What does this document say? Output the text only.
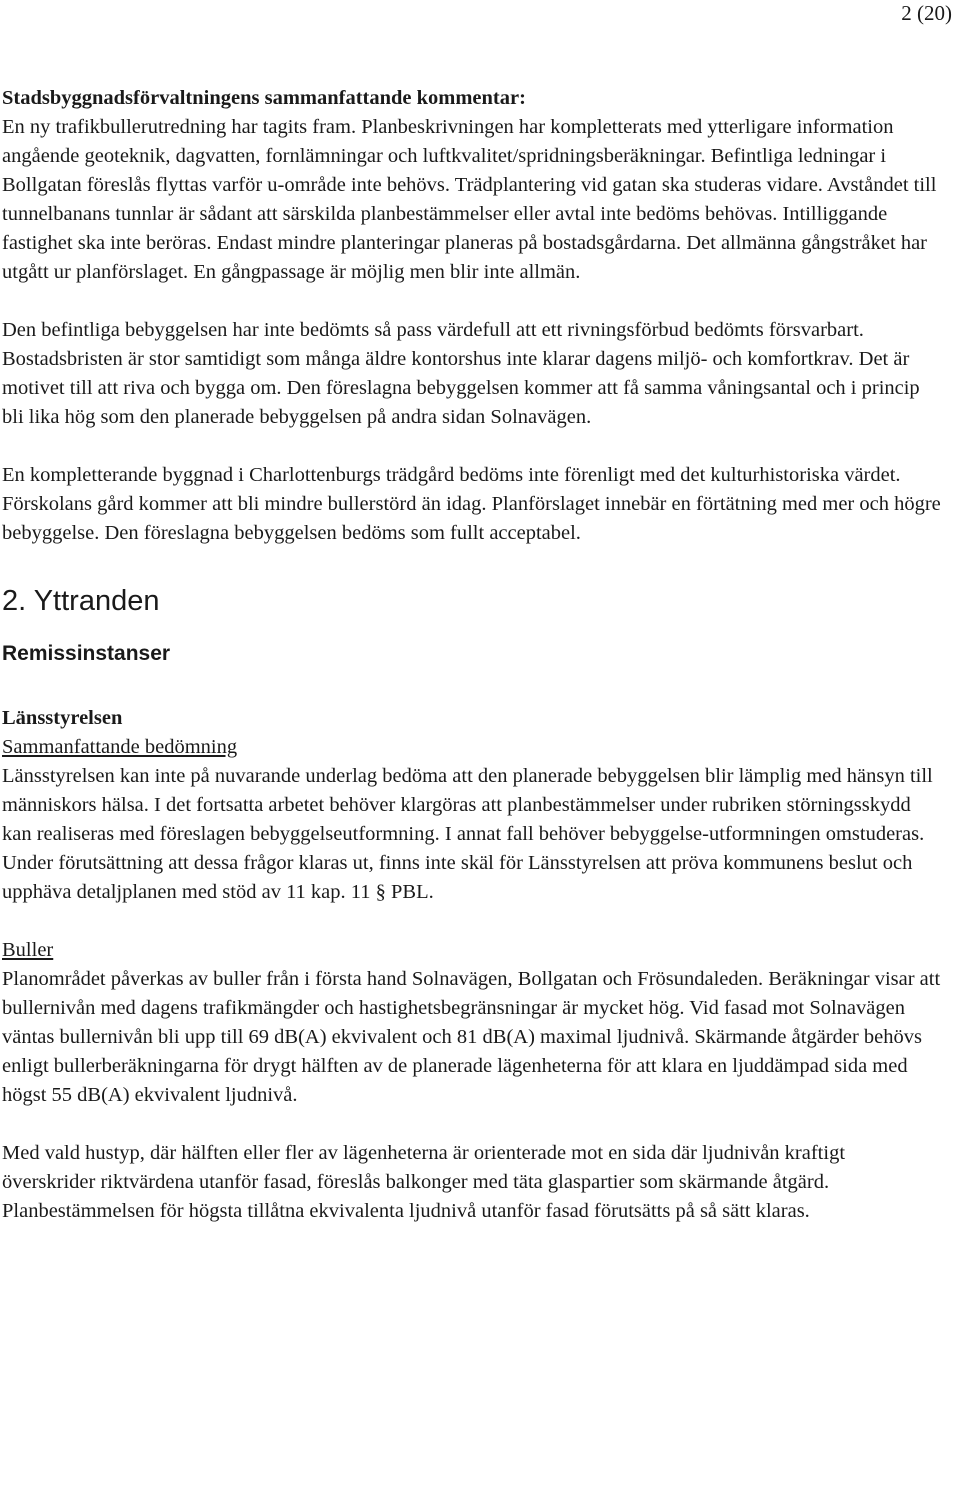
2 (20)

Stadsbyggnadsförvaltningens sammanfattande kommentar:

En ny trafikbullerutredning har tagits fram. Planbeskrivningen har kompletterats med ytterligare information angående geoteknik, dagvatten, fornlämningar och luftkvalitet/spridningsberäkningar. Befintliga ledningar i Bollgatan föreslås flyttas varför u-område inte behövs. Trädplantering vid gatan ska studeras vidare. Avståndet till tunnelbanans tunnlar är sådant att särskilda planbestämmelser eller avtal inte bedöms behövas. Intilliggande fastighet ska inte beröras. Endast mindre planteringar planeras på bostadsgårdarna. Det allmänna gångstråket har utgått ur planförslaget. En gångpassage är möjlig men blir inte allmän.

Den befintliga bebyggelsen har inte bedömts så pass värdefull att ett rivningsförbud bedömts försvarbart. Bostadsbristen är stor samtidigt som många äldre kontorshus inte klarar dagens miljö- och komfortkrav. Det är motivet till att riva och bygga om. Den föreslagna bebyggelsen kommer att få samma våningsantal och i princip bli lika hög som den planerade bebyggelsen på andra sidan Solnavägen.

En kompletterande byggnad i Charlottenburgs trädgård bedöms inte förenligt med det kulturhistoriska värdet. Förskolans gård kommer att bli mindre bullerstörd än idag. Planförslaget innebär en förtätning med mer och högre bebyggelse. Den föreslagna bebyggelsen bedöms som fullt acceptabel.

2. Yttranden
Remissinstanser

Länsstyrelsen

Sammanfattande bedömning

Länsstyrelsen kan inte på nuvarande underlag bedöma att den planerade bebyggelsen blir lämplig med hänsyn till människors hälsa. I det fortsatta arbetet behöver klargöras att planbestämmelser under rubriken störningsskydd kan realiseras med föreslagen bebyggelseutformning. I annat fall behöver bebyggelse-utformningen omstuderas. Under förutsättning att dessa frågor klaras ut, finns inte skäl för Länsstyrelsen att pröva kommunens beslut och upphäva detaljplanen med stöd av 11 kap. 11 § PBL.

Buller

Planområdet påverkas av buller från i första hand Solnavägen, Bollgatan och Frösundaleden. Beräkningar visar att bullernivån med dagens trafikmängder och hastighetsbegränsningar är mycket hög. Vid fasad mot Solnavägen väntas bullernivån bli upp till 69 dB(A) ekvivalent och 81 dB(A) maximal ljudnivå. Skärmande åtgärder behövs enligt bullerberäkningarna för drygt hälften av de planerade lägenheterna för att klara en ljuddämpad sida med högst 55 dB(A) ekvivalent ljudnivå.

Med vald hustyp, där hälften eller fler av lägenheterna är orienterade mot en sida där ljudnivån kraftigt överskrider riktvärdena utanför fasad, föreslås balkonger med täta glaspartier som skärmande åtgärd. Planbestämmelsen för högsta tillåtna ekvivalenta ljudnivå utanför fasad förutsätts på så sätt klaras.
